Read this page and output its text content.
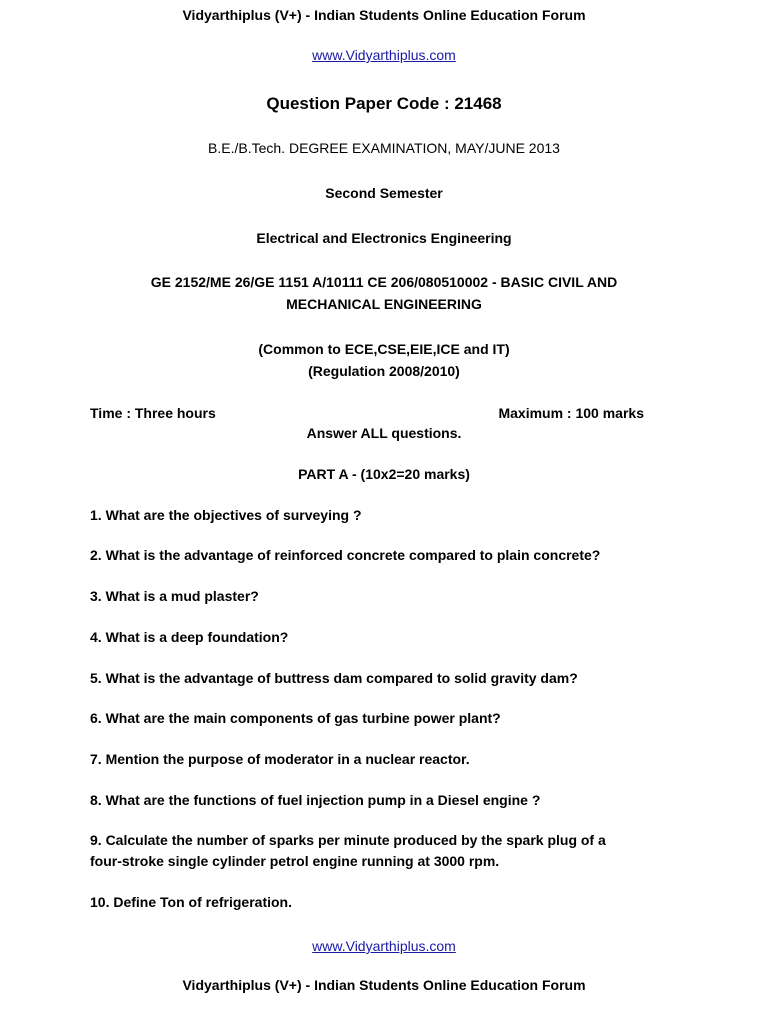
Vidyarthiplus (V+) - Indian Students Online Education Forum
www.Vidyarthiplus.com
Question Paper Code : 21468
B.E./B.Tech. DEGREE EXAMINATION, MAY/JUNE 2013
Second Semester
Electrical and Electronics Engineering
GE 2152/ME 26/GE 1151 A/10111 CE 206/080510002 - BASIC CIVIL AND
MECHANICAL ENGINEERING
(Common to ECE,CSE,EIE,ICE and IT)
(Regulation 2008/2010)
Time : Three hours	Maximum : 100 marks
Answer ALL questions.
PART A - (10x2=20 marks)
1. What are the objectives of surveying ?
2. What is the advantage of reinforced concrete compared to plain concrete?
3. What is a mud plaster?
4. What is a deep foundation?
5. What is the advantage of buttress dam compared to solid gravity dam?
6. What are the main components of gas turbine power plant?
7. Mention the purpose of moderator in a nuclear reactor.
8. What are the functions of fuel injection pump in a Diesel engine ?
9. Calculate the number of sparks per minute produced by the spark plug of a
four-stroke single cylinder petrol engine running at 3000 rpm.
10. Define Ton of refrigeration.
www.Vidyarthiplus.com
Vidyarthiplus (V+) - Indian Students Online Education Forum
